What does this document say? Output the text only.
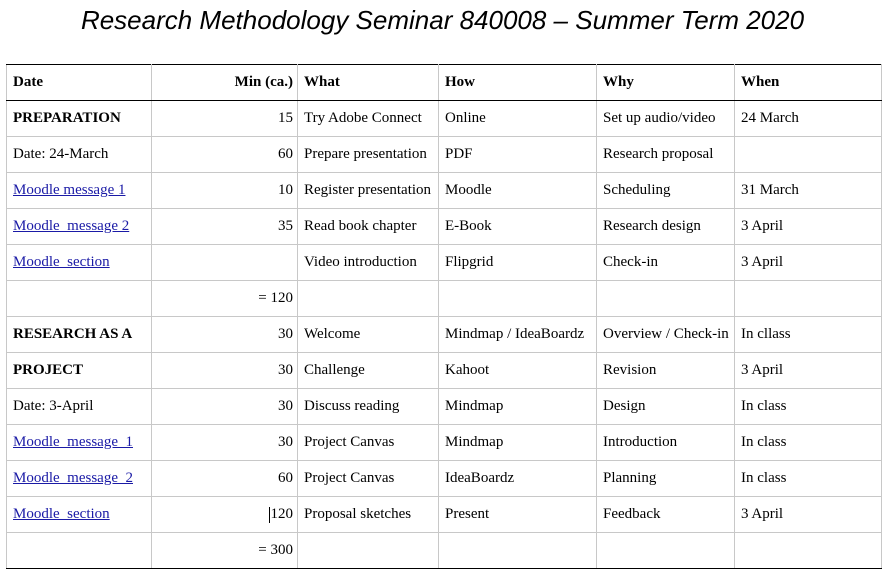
Research Methodology Seminar 840008 – Summer Term 2020
Date	Min (ca.)	What	How	Why	When
PREPARATION	15	Try Adobe Connect	Online	Set up audio/video	24 March
Date: 24-March	60	Prepare presentation	PDF	Research proposal	
Moodle message 1	10	Register presentation	Moodle	Scheduling	31 March
Moodle  message 2	35	Read book chapter	E-Book	Research design	3 April
Moodle  section		Video introduction	Flipgrid	Check-in	3 April
	= 120				
RESEARCH AS A	30	Welcome	Mindmap / IdeaBoardz	Overview / Check-in	In cllass
PROJECT	30	Challenge	Kahoot	Revision	3 April
Date: 3-April	30	Discuss reading	Mindmap	Design	In class
Moodle  message  1	30	Project Canvas	Mindmap	Introduction	In class
Moodle  message  2	60	Project Canvas	IdeaBoardz	Planning	In class
Moodle  section	120	Proposal sketches	Present	Feedback	3 April
	= 300				
